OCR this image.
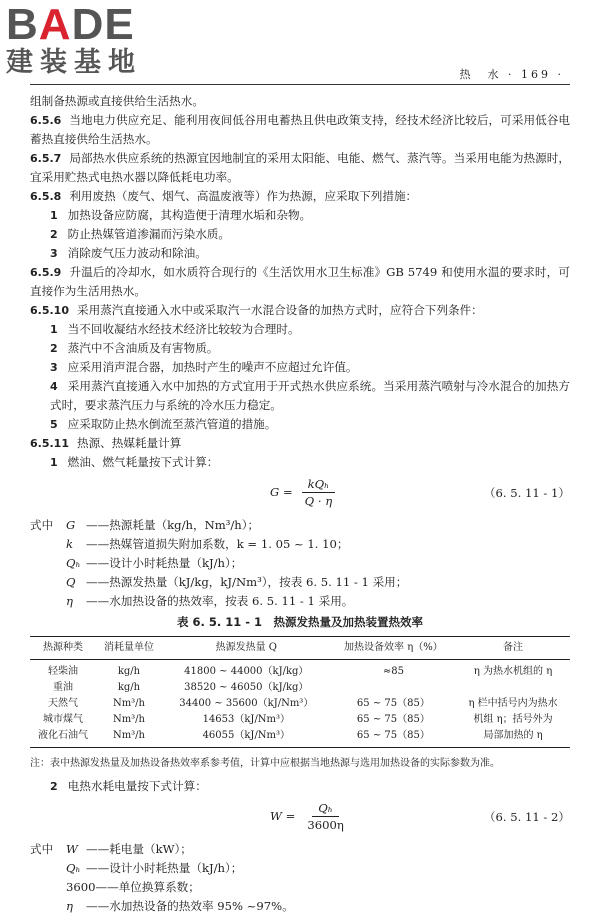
BADE
建装基地	热　水 · 169 ·

组制备热源或直接供给生活热水。

6.5.6 当地电力供应充足、能利用夜间低谷用电蓄热且供电政策支持，经技术经济比较后，可采用低谷电蓄热直接供给生活热水。

6.5.7 局部热水供应系统的热源宜因地制宜的采用太阳能、电能、燃气、蒸汽等。当采用电能为热源时，宜采用贮热式电热水器以降低耗电功率。

6.5.8 利用废热（废气、烟气、高温废液等）作为热源，应采取下列措施：

1 加热设备应防腐，其构造便于清理水垢和杂物。

2 防止热媒管道渗漏而污染水质。

3 消除废气压力波动和除油。

6.5.9 升温后的冷却水，如水质符合现行的《生活饮用水卫生标准》GB 5749 和使用水温的要求时，可直接作为生活用热水。

6.5.10 采用蒸汽直接通入水中或采取汽一水混合设备的加热方式时，应符合下列条件：

1 当不回收凝结水经技术经济比较较为合理时。

2 蒸汽中不含油质及有害物质。

3 应采用消声混合器，加热时产生的噪声不应超过允许值。

4 采用蒸汽直接通入水中加热的方式宜用于开式热水供应系统。当采用蒸汽喷射与冷水混合的加热方式时，要求蒸汽压力与系统的冷水压力稳定。

5 应采取防止热水倒流至蒸汽管道的措施。

6.5.11 热源、热媒耗量计算

1 燃油、燃气耗量按下式计算：

G =
kQₕ
Q · η
（6. 5. 11 - 1）
式中 G ——热源耗量（kg/h，Nm³/h）；
k ——热媒管道损失附加系数，k = 1. 05 ~ 1. 10；
Qₕ ——设计小时耗热量（kJ/h）；
Q ——热源发热量（kJ/kg，kJ/Nm³），按表 6. 5. 11 - 1 采用；
η ——水加热设备的热效率，按表 6. 5. 11 - 1 采用。
表 6. 5. 11 - 1　热源发热量及加热装置热效率
热源种类	消耗量单位	热源发热量 Q	加热设备效率 η（%）	备注
轻柴油	kg/h	41800 ~ 44000（kJ/kg）	≈85	η 为热水机组的 η
重油	kg/h	38520 ~ 46050（kJ/kg）		
天然气	Nm³/h	34400 ~ 35600（kJ/Nm³）	65 ~ 75（85）	η 栏中括号内为热水
城市煤气	Nm³/h	14653（kJ/Nm³）	65 ~ 75（85）	机组 η；括号外为
液化石油气	Nm³/h	46055（kJ/Nm³）	65 ~ 75（85）	局部加热的 η

注：表中热源发热量及加热设备热效率系参考值，计算中应根据当地热源与选用加热设备的实际参数为准。

2 电热水耗电量按下式计算：

$W = \frac{\text{Qₕ}}{3600\eta}$	（6. 5. 11 - 2）
式中 W ——耗电量（kW）；
Qₕ ——设计小时耗热量（kJ/h）；
3600——单位换算系数；
η ——水加热设备的热效率 95% ~97%。
